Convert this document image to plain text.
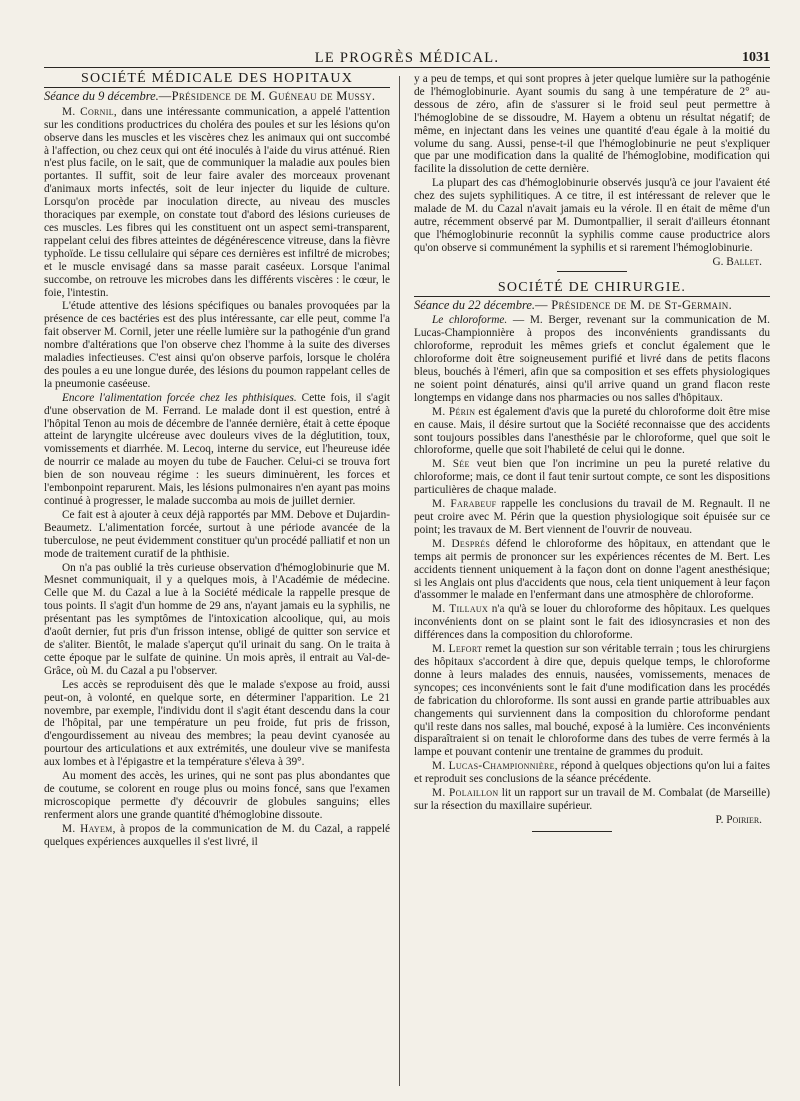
LE PROGRÈS MÉDICAL.	1031
SOCIÉTÉ MÉDICALE DES HOPITAUX
Séance du 9 décembre.—Présidence de M. Guéneau de Mussy.

M. Cornil, dans une intéressante communication, a appelé l'attention sur les conditions productrices du choléra des poules et sur les lésions qu'on observe dans les muscles et les viscères chez les animaux qui ont succombé à l'affection, ou chez ceux qui ont été inoculés à l'aide du virus atténué. Rien n'est plus facile, on le sait, que de communiquer la maladie aux poules bien portantes. Il suffit, soit de leur faire avaler des morceaux provenant d'animaux morts infectés, soit de leur injecter du liquide de culture. Lorsqu'on procède par inoculation directe, au niveau des muscles thoraciques par exemple, on constate tout d'abord des lésions curieuses de ces muscles. Les fibres qui les constituent ont un aspect semi-transparent, rappelant celui des fibres atteintes de dégénérescence vitreuse, dans la fièvre typhoïde. Le tissu cellulaire qui sépare ces dernières est infiltré de microbes; et le muscle envisagé dans sa masse parait caséeux. Lorsque l'animal succombe, on retrouve les microbes dans les différents viscères : le cœur, le foie, l'intestin.

L'étude attentive des lésions spécifiques ou banales provoquées par la présence de ces bactéries est des plus intéressante, car elle peut, comme l'a fait observer M. Cornil, jeter une réelle lumière sur la pathogénie d'un grand nombre d'altérations que l'on observe chez l'homme à la suite des diverses maladies infectieuses. C'est ainsi qu'on observe parfois, lorsque le choléra des poules a eu une longue durée, des lésions du poumon rappelant celles de la pneumonie caséeuse.

Encore l'alimentation forcée chez les phthisiques. Cette fois, il s'agit d'une observation de M. Ferrand. Le malade dont il est question, entré à l'hôpital Tenon au mois de décembre de l'année dernière, était à cette époque atteint de laryngite ulcéreuse avec douleurs vives de la déglutition, toux, vomissements et diarrhée. M. Lecoq, interne du service, eut l'heureuse idée de nourrir ce malade au moyen du tube de Faucher. Celui-ci se trouva fort bien de son nouveau régime : les sueurs diminuèrent, les forces et l'embonpoint reparurent. Mais, les lésions pulmonaires n'en ayant pas moins continué à progresser, le malade succomba au mois de juillet dernier.

Ce fait est à ajouter à ceux déjà rapportés par MM. Debove et Dujardin-Beaumetz. L'alimentation forcée, surtout à une période avancée de la tuberculose, ne peut évidemment constituer qu'un procédé palliatif et non un mode de traitement curatif de la phthisie.

On n'a pas oublié la très curieuse observation d'hémoglobinurie que M. Mesnet communiquait, il y a quelques mois, à l'Académie de médecine. Celle que M. du Cazal a lue à la Société médicale la rappelle presque de tous points. Il s'agit d'un homme de 29 ans, n'ayant jamais eu la syphilis, ne présentant pas les symptômes de l'intoxication alcoolique, qui, au mois d'août dernier, fut pris d'un frisson intense, obligé de quitter son service et de s'aliter. Bientôt, le malade s'aperçut qu'il urinait du sang. On le traita à cette époque par le sulfate de quinine. Un mois après, il entrait au Val-de-Grâce, où M. du Cazal a pu l'observer.

Les accès se reproduisent dès que le malade s'expose au froid, aussi peut-on, à volonté, en quelque sorte, en déterminer l'apparition. Le 21 novembre, par exemple, l'individu dont il s'agit étant descendu dans la cour de l'hôpital, par une température un peu froide, fut pris de frisson, d'engourdissement au niveau des membres; la peau devint cyanosée au pourtour des articulations et aux extrémités, une douleur vive se manifesta aux lombes et à l'épigastre et la température s'éleva à 39°.

Au moment des accès, les urines, qui ne sont pas plus abondantes que de coutume, se colorent en rouge plus ou moins foncé, sans que l'examen microscopique permette d'y découvrir de globules sanguins; elles renferment alors une grande quantité d'hémoglobine dissoute.

M. Hayem, à propos de la communication de M. du Cazal, a rappelé quelques expériences auxquelles il s'est livré, il

y a peu de temps, et qui sont propres à jeter quelque lumière sur la pathogénie de l'hémoglobinurie. Ayant soumis du sang à une température de 2° au-dessous de zéro, afin de s'assurer si le froid seul peut permettre à l'hémoglobine de se dissoudre, M. Hayem a obtenu un résultat négatif; de même, en injectant dans les veines une quantité d'eau égale à la moitié du volume du sang. Aussi, pense-t-il que l'hémoglobinurie ne peut s'expliquer que par une modification dans la qualité de l'hémoglobine, modification qui facilite la dissolution de cette dernière.

La plupart des cas d'hémoglobinurie observés jusqu'à ce jour l'avaient été chez des sujets syphilitiques. A ce titre, il est intéressant de relever que le malade de M. du Cazal n'avait jamais eu la vérole. Il en était de même d'un autre, récemment observé par M. Dumontpallier, il serait d'ailleurs étonnant que l'hémoglobinurie reconnût la syphilis comme cause productrice alors qu'on observe si communément la syphilis et si rarement l'hémoglobinurie.

G. Ballet.
SOCIÉTÉ DE CHIRURGIE.
Séance du 22 décembre.— Présidence de M. de St-Germain.

Le chloroforme. — M. Berger, revenant sur la communication de M. Lucas-Championnière à propos des inconvénients grandissants du chloroforme, reproduit les mêmes griefs et conclut également que le chloroforme doit être soigneusement purifié et livré dans de petits flacons bleus, bouchés à l'émeri, afin que sa composition et ses effets physiologiques ne soient point dénaturés, ainsi qu'il arrive quand un grand flacon reste longtemps en vidange dans nos pharmacies ou nos salles d'hôpitaux.

M. Périn est également d'avis que la pureté du chloroforme doit être mise en cause. Mais, il désire surtout que la Société reconnaisse que des accidents sont toujours possibles dans l'anesthésie par le chloroforme, quel que soit le chloroforme, quelle que soit l'habileté de celui qui le donne.

M. Sée veut bien que l'on incrimine un peu la pureté relative du chloroforme; mais, ce dont il faut tenir surtout compte, ce sont les dispositions particulières de chaque malade.

M. Farabeuf rappelle les conclusions du travail de M. Regnault. Il ne peut croire avec M. Périn que la question physiologique soit épuisée sur ce point; les travaux de M. Bert viennent de l'ouvrir de nouveau.

M. Després défend le chloroforme des hôpitaux, en attendant que le temps ait permis de prononcer sur les expériences récentes de M. Bert. Les accidents tiennent uniquement à la façon dont on donne l'agent anesthésique; si les Anglais ont plus d'accidents que nous, cela tient uniquement à leur façon d'assommer le malade en l'enfermant dans une atmosphère de chloroforme.

M. Tillaux n'a qu'à se louer du chloroforme des hôpitaux. Les quelques inconvénients dont on se plaint sont le fait des idiosyncrasies et non des différences dans la composition du chloroforme.

M. Lefort remet la question sur son véritable terrain ; tous les chirurgiens des hôpitaux s'accordent à dire que, depuis quelque temps, le chloroforme donne à leurs malades des ennuis, nausées, vomissements, menaces de syncopes; ces inconvénients sont le fait d'une modification dans les procédés de fabrication du chloroforme. Ils sont aussi en grande partie attribuables aux changements qui surviennent dans la composition du chloroforme pendant qu'il reste dans nos salles, mal bouché, exposé à la lumière. Ces inconvénients disparaîtraient si on tenait le chloroforme dans des tubes de verre fermés à la lampe et pouvant contenir une trentaine de grammes du produit.

M. Lucas-Championnière, répond à quelques objections qu'on lui a faites et reproduit ses conclusions de la séance précédente.

M. Polaillon lit un rapport sur un travail de M. Combalat (de Marseille) sur la résection du maxillaire supérieur.

P. Poirier.
